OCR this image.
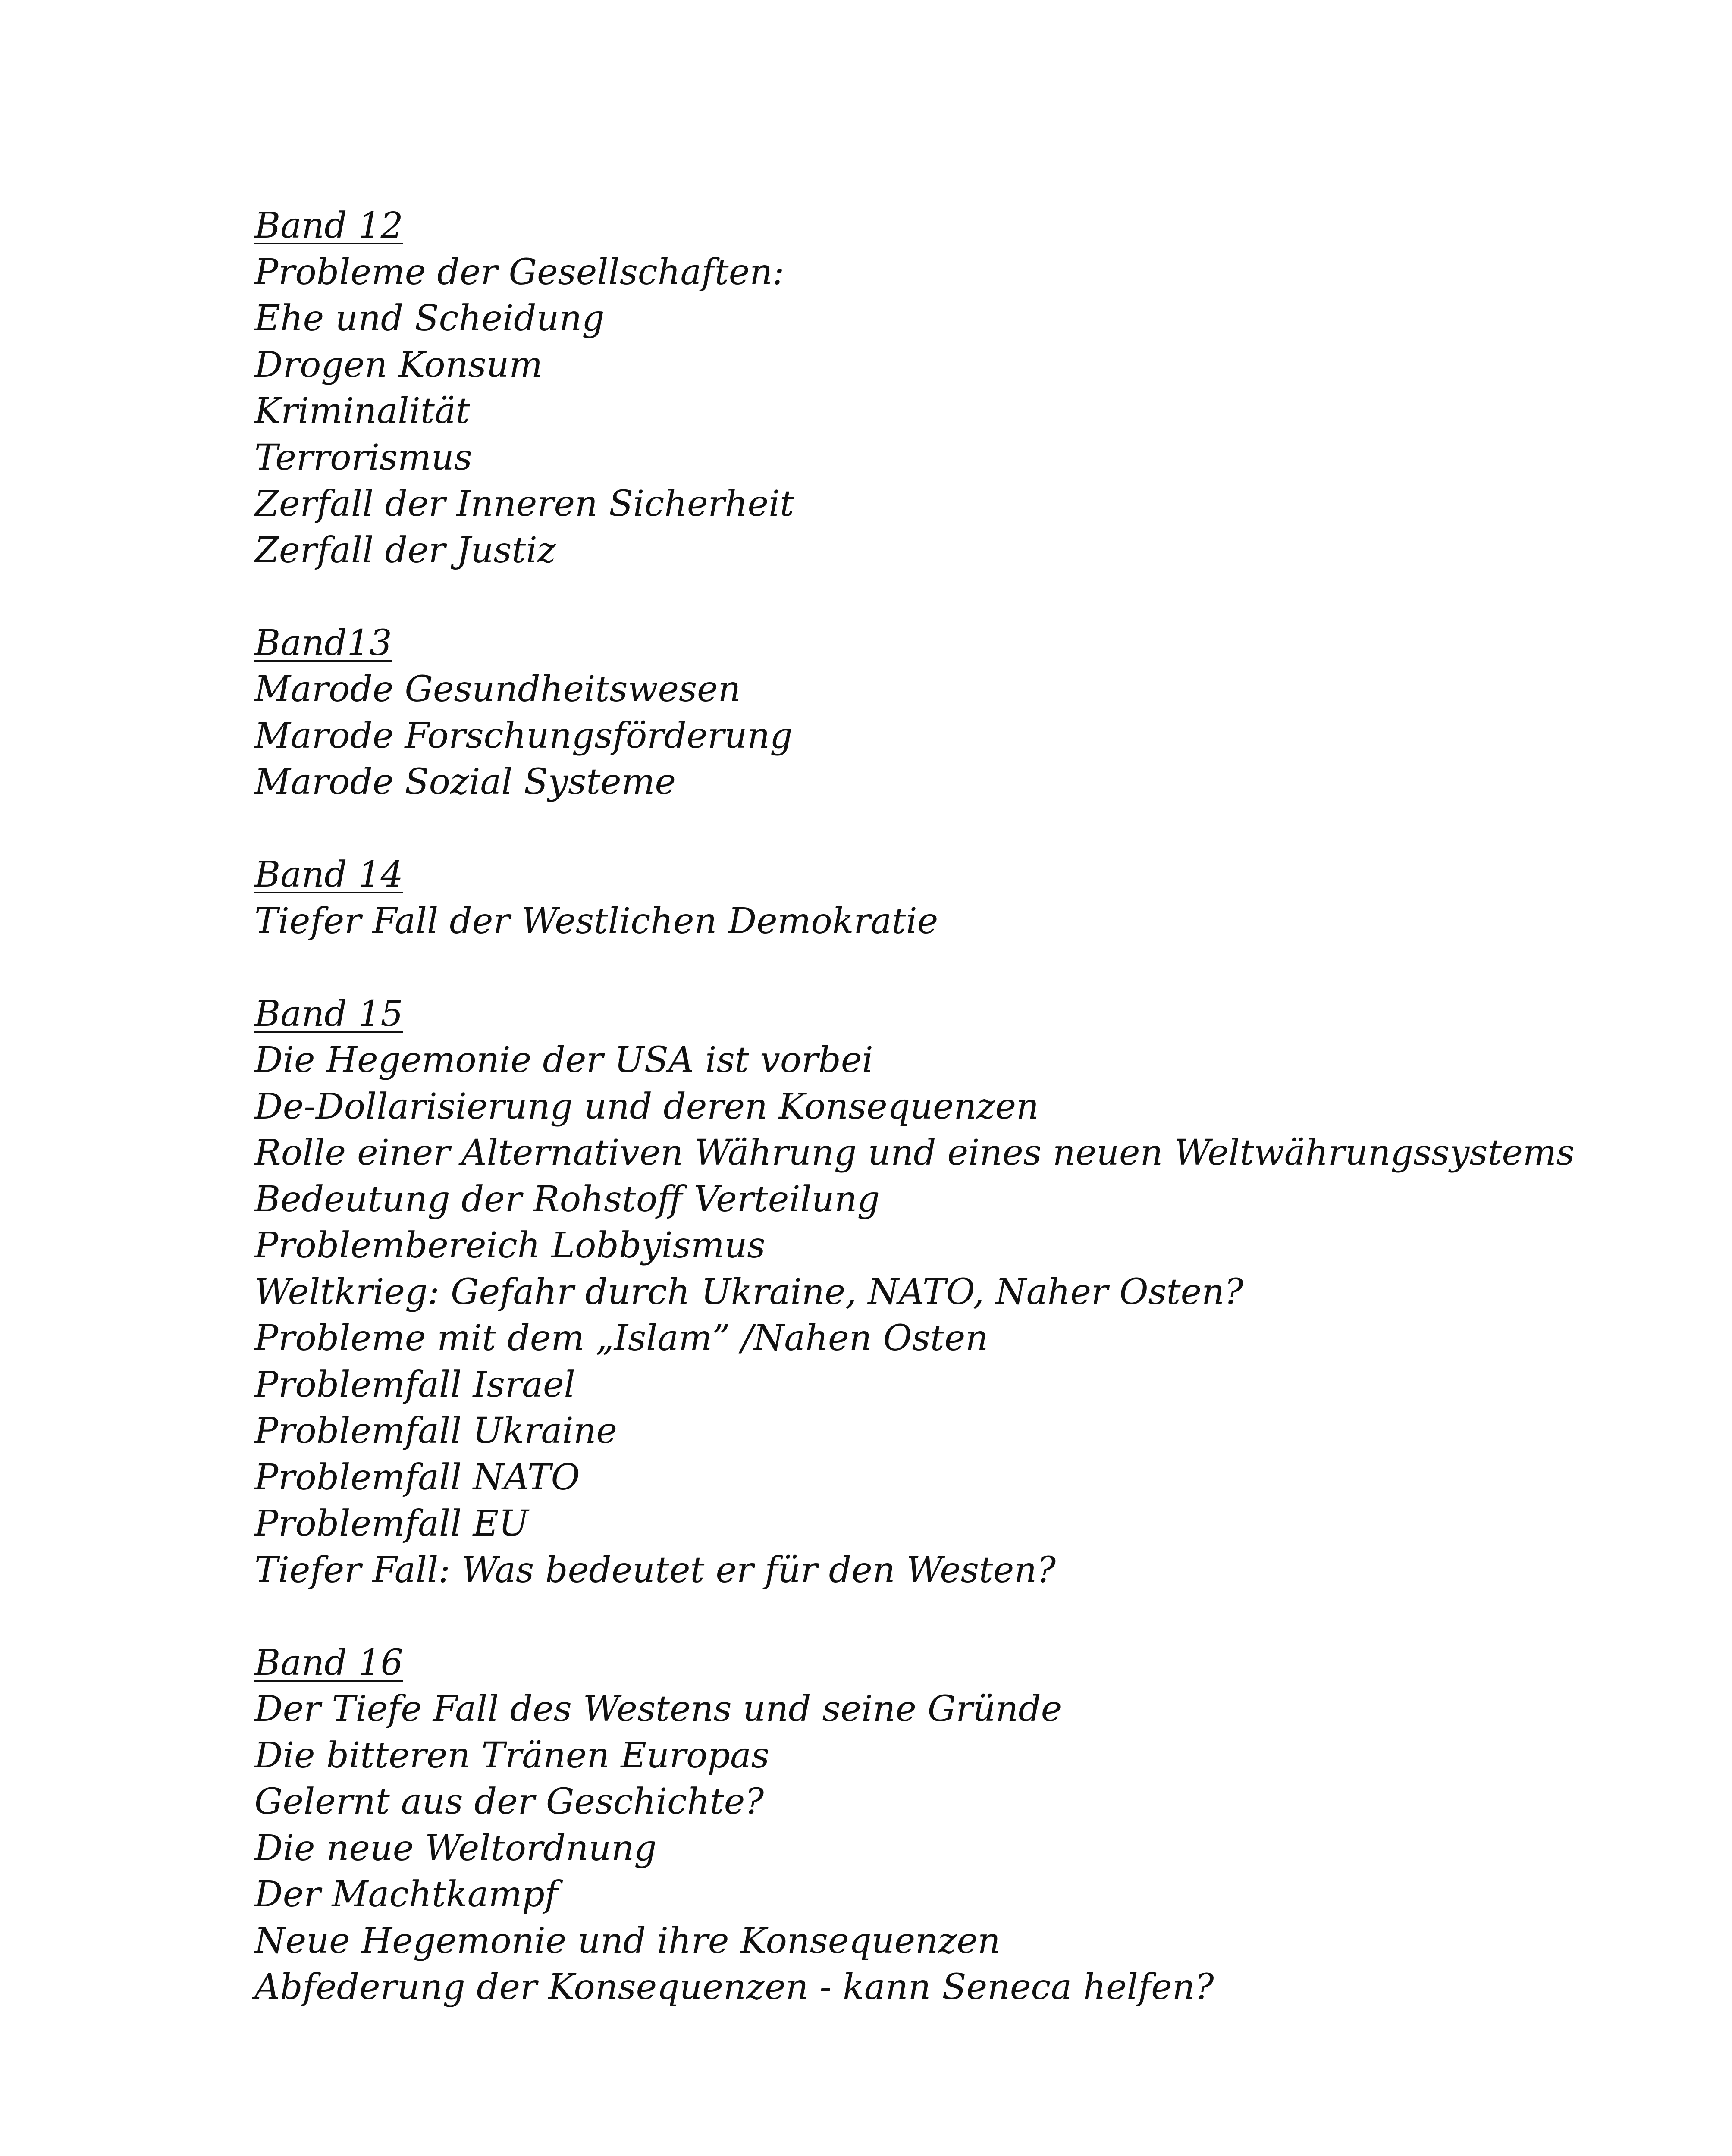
Band 12
Probleme der Gesellschaften:
Ehe und Scheidung
Drogen Konsum
Kriminalität
Terrorismus
Zerfall der Inneren Sicherheit
Zerfall der Justiz
Band13
Marode Gesundheitswesen
Marode Forschungsförderung
Marode Sozial Systeme
Band 14
Tiefer Fall der Westlichen Demokratie
Band 15
Die Hegemonie der USA ist vorbei
De-Dollarisierung und deren Konsequenzen
Rolle einer Alternativen Währung und eines neuen Weltwährungssystems
Bedeutung der Rohstoff Verteilung
Problembereich Lobbyismus
Weltkrieg: Gefahr durch Ukraine, NATO, Naher Osten?
Probleme mit dem „Islam” /Nahen Osten
Problemfall Israel
Problemfall Ukraine
Problemfall NATO
Problemfall EU
Tiefer Fall: Was bedeutet er für den Westen?
Band 16
Der Tiefe Fall des Westens und seine Gründe
Die bitteren Tränen Europas
Gelernt aus der Geschichte?
Die neue Weltordnung
Der Machtkampf
Neue Hegemonie und ihre Konsequenzen
Abfederung der Konsequenzen - kann Seneca helfen?
